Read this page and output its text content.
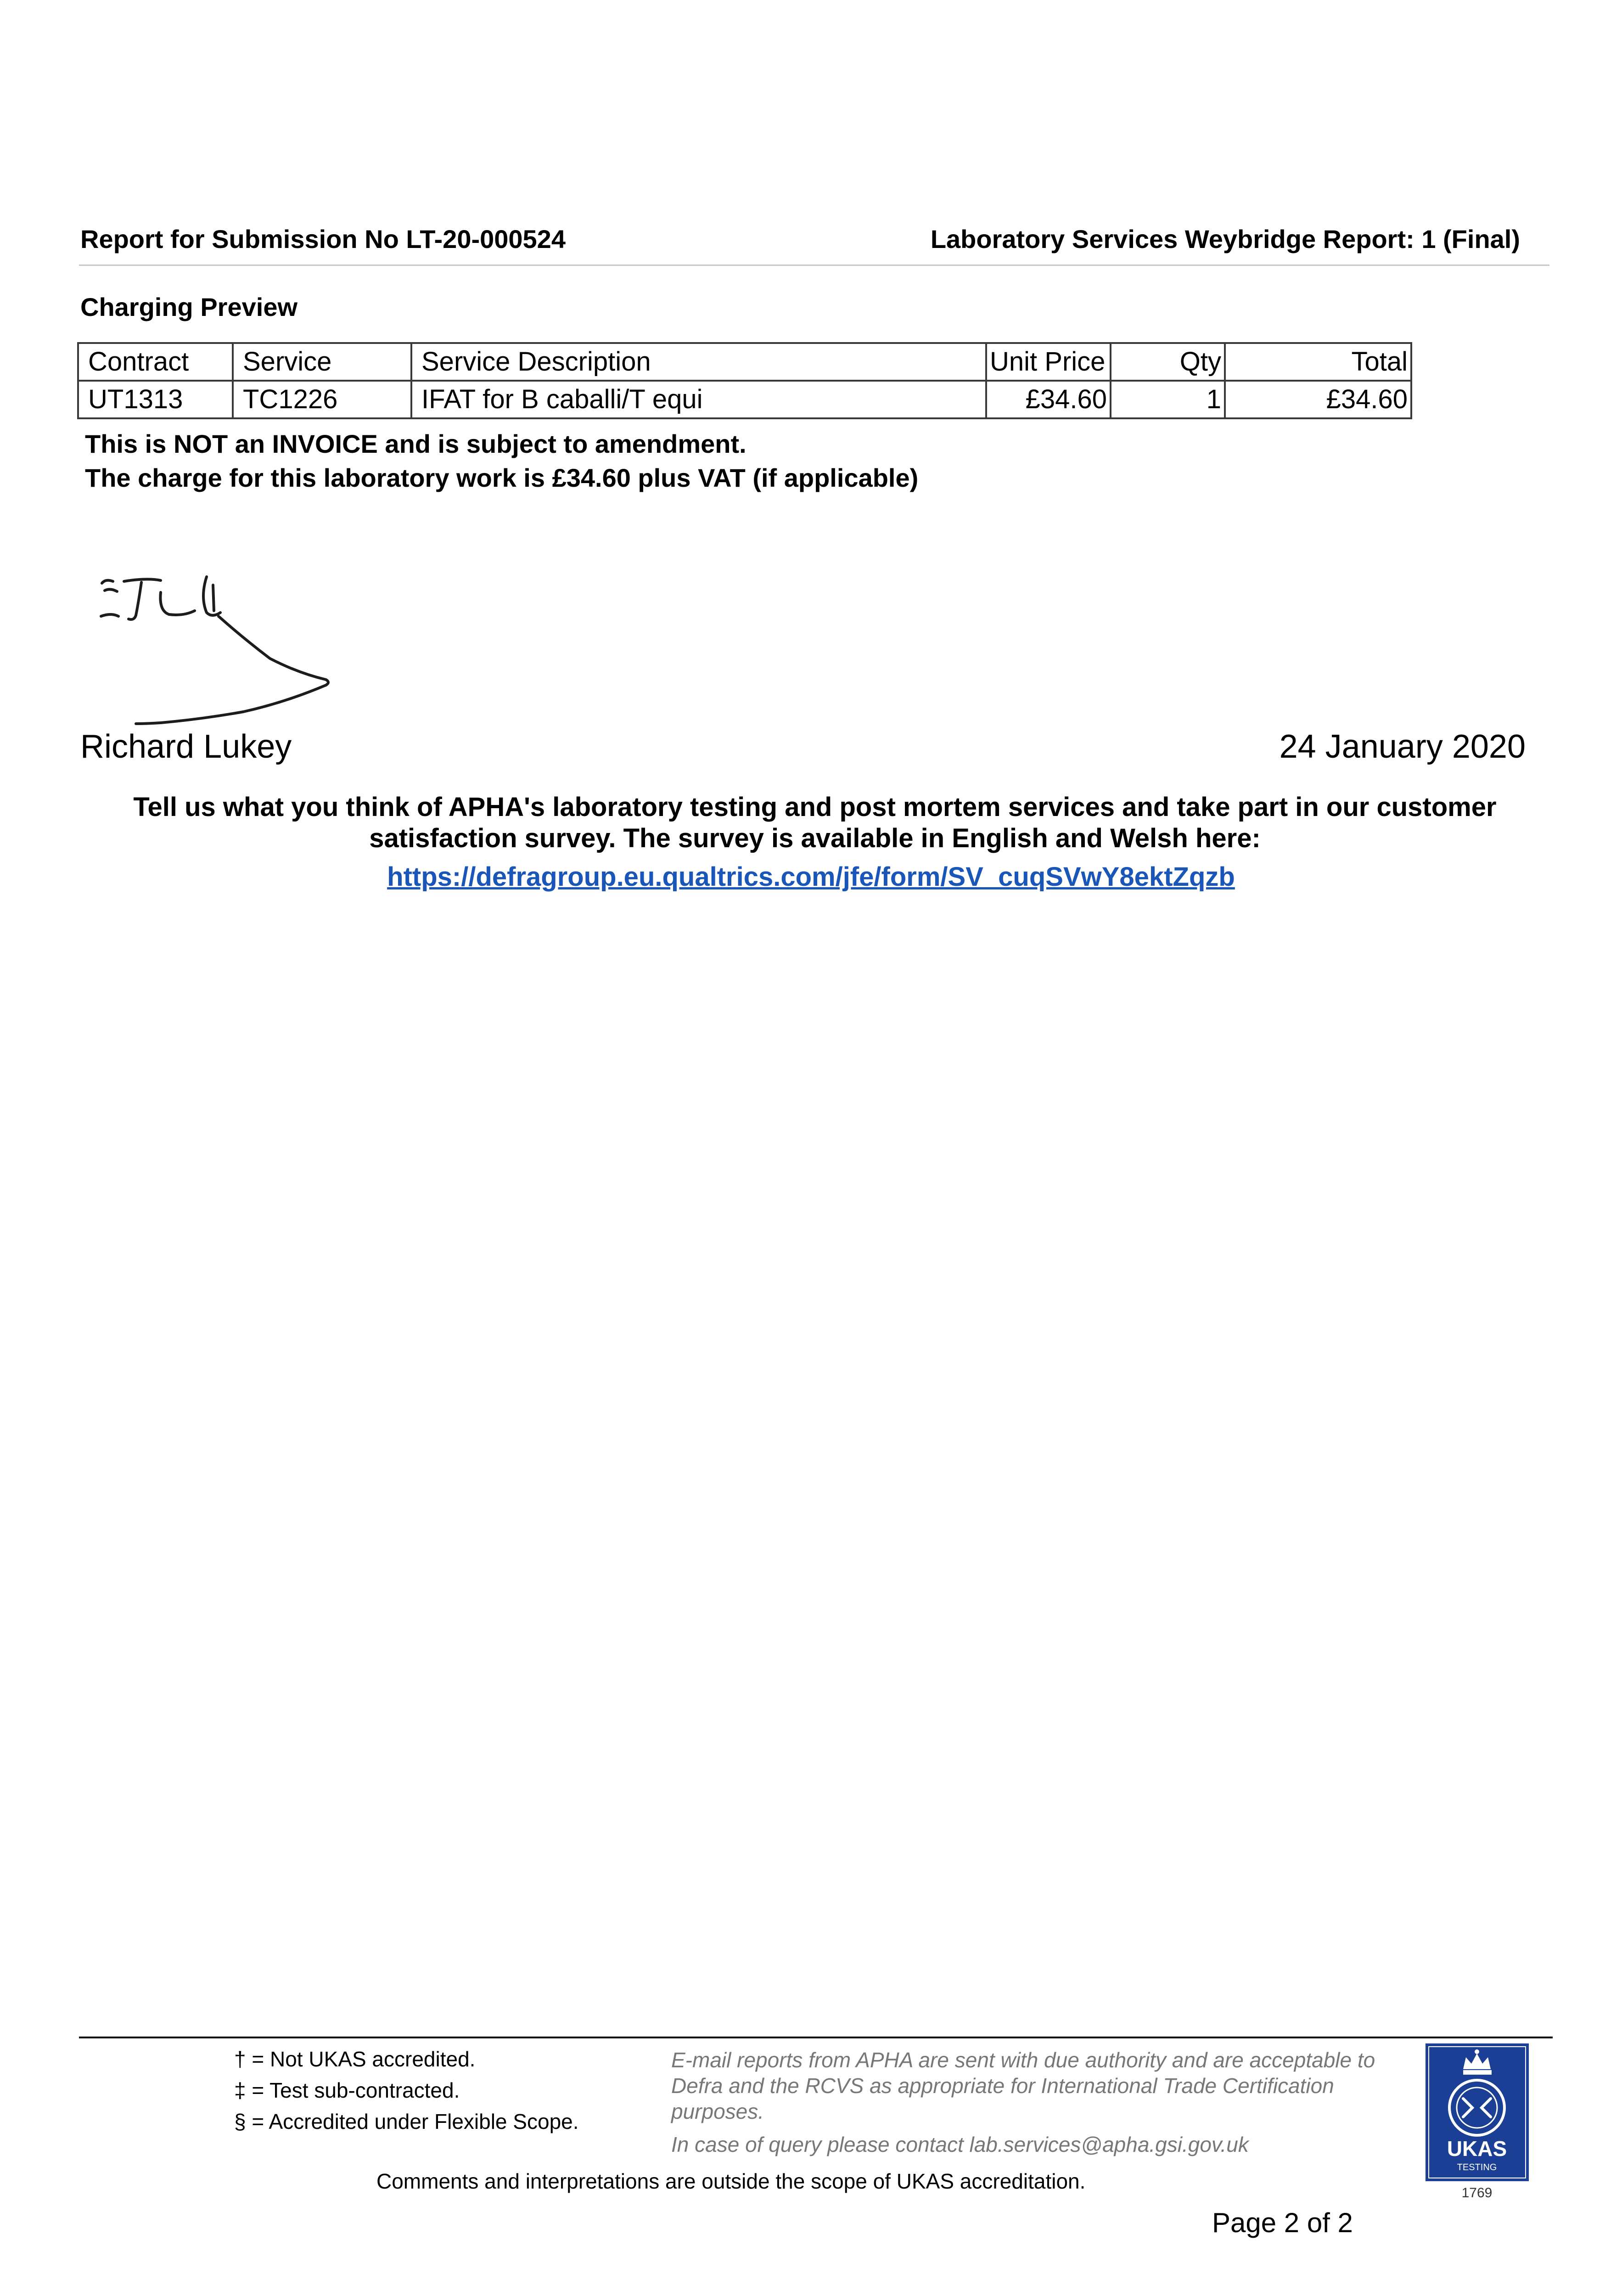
Report for Submission No LT-20-000524	Laboratory Services Weybridge Report: 1 (Final)
Charging Preview
Contract	Service	Service Description	Unit Price	Qty	Total
UT1313	TC1226	IFAT for B caballi/T equi	£34.60	1	£34.60
This is NOT an INVOICE and is subject to amendment.
The charge for this laboratory work is £34.60 plus VAT (if applicable)
Richard Lukey	24 January 2020
Tell us what you think of APHA's laboratory testing and post mortem services and take part in our customer satisfaction survey. The survey is available in English and Welsh here:
https://defragroup.eu.qualtrics.com/jfe/form/SV_cuqSVwY8ektZqzb
† = Not UKAS accredited.
‡ = Test sub-contracted.
§ = Accredited under Flexible Scope.
E-mail reports from APHA are sent with due authority and are acceptable to Defra and the RCVS as appropriate for International Trade Certification purposes.
In case of query please contact lab.services@apha.gsi.gov.uk
Comments and interpretations are outside the scope of UKAS accreditation.
UKAS
TESTING
1769
Page 2 of 2
